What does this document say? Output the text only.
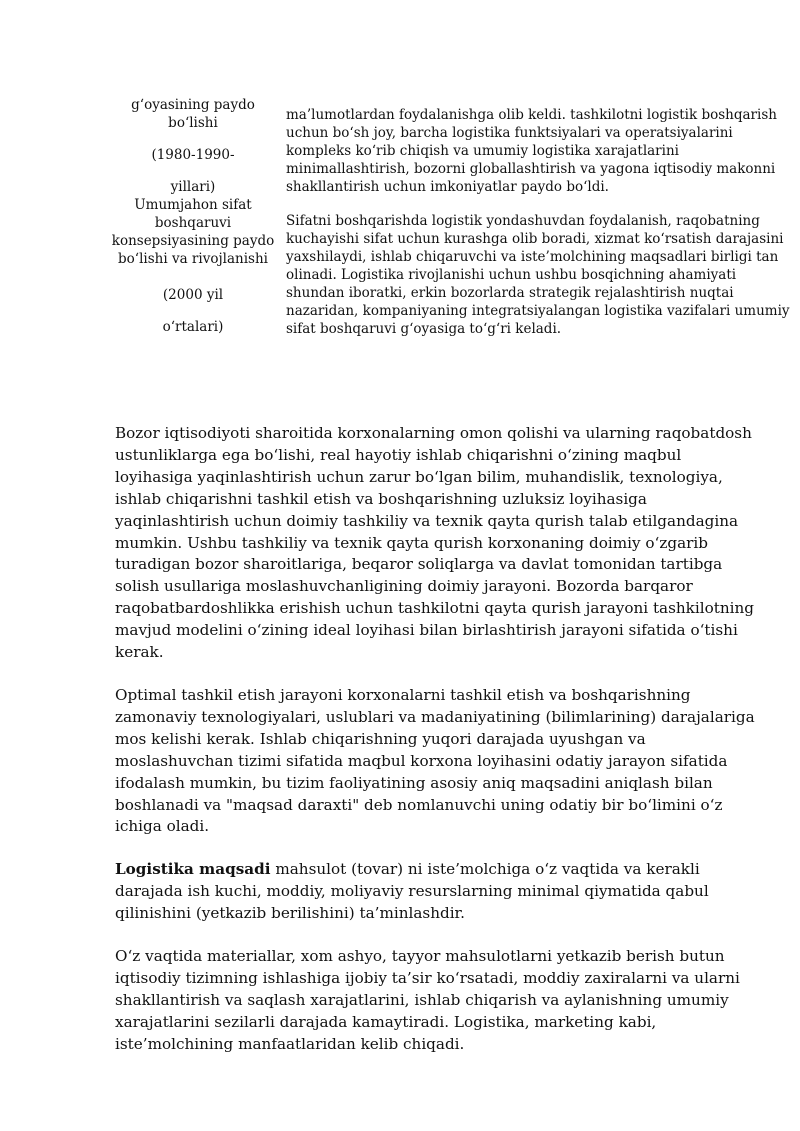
g‘oyasining paydo bo‘lishi
(1980-1990-
yillari)
Umumjahon sifat boshqaruvi konsepsiyasining paydo bo‘lishi va rivojlanishi
(2000 yil
o‘rtalari)

ma’lumotlardan foydalanishga olib keldi. tashkilotni logistik boshqarish uchun bo‘sh joy, barcha logistika funktsiyalari va operatsiyalarini kompleks ko‘rib chiqish va umumiy logistika xarajatlarini minimallashtirish, bozorni globallashtirish va yagona iqtisodiy makonni shakllantirish uchun imkoniyatlar paydo bo‘ldi.

Sifatni boshqarishda logistik yondashuvdan foydalanish, raqobatning kuchayishi sifat uchun kurashga olib boradi, xizmat ko‘rsatish darajasini yaxshilaydi, ishlab chiqaruvchi va iste’molchining maqsadlari birligi tan olinadi. Logistika rivojlanishi uchun ushbu bosqichning ahamiyati shundan iboratki, erkin bozorlarda strategik rejalashtirish nuqtai nazaridan, kompaniyaning integratsiyalangan logistika vazifalari umumiy sifat boshqaruvi g‘oyasiga to‘g‘ri keladi.

Bozor iqtisodiyoti sharoitida korxonalarning omon qolishi va ularning raqobatdosh ustunliklarga ega bo‘lishi, real hayotiy ishlab chiqarishni o‘zining maqbul loyihasiga yaqinlashtirish uchun zarur bo‘lgan bilim, muhandislik, texnologiya, ishlab chiqarishni tashkil etish va boshqarishning uzluksiz loyihasiga yaqinlashtirish uchun doimiy tashkiliy va texnik qayta qurish talab etilgandagina mumkin. Ushbu tashkiliy va texnik qayta qurish korxonaning doimiy o‘zgarib turadigan bozor sharoitlariga, beqaror soliqlarga va davlat tomonidan tartibga solish usullariga moslashuvchanligining doimiy jarayoni. Bozorda barqaror raqobatbardoshlikka erishish uchun tashkilotni qayta qurish jarayoni tashkilotning mavjud modelini o‘zining ideal loyihasi bilan birlashtirish jarayoni sifatida o‘tishi kerak.

Optimal tashkil etish jarayoni korxonalarni tashkil etish va boshqarishning zamonaviy texnologiyalari, uslublari va madaniyatining (bilimlarining) darajalariga mos kelishi kerak. Ishlab chiqarishning yuqori darajada uyushgan va moslashuvchan tizimi sifatida maqbul korxona loyihasini odatiy jarayon sifatida ifodalash mumkin, bu tizim faoliyatining asosiy aniq maqsadini aniqlash bilan boshlanadi va "maqsad daraxti" deb nomlanuvchi uning odatiy bir bo‘limini o‘z ichiga oladi.

Logistika maqsadi mahsulot (tovar) ni iste’molchiga o‘z vaqtida va kerakli darajada ish kuchi, moddiy, moliyaviy resurslarning minimal qiymatida qabul qilinishini (yetkazib berilishini) ta’minlashdir.

O‘z vaqtida materiallar, xom ashyo, tayyor mahsulotlarni yetkazib berish butun iqtisodiy tizimning ishlashiga ijobiy ta’sir ko‘rsatadi, moddiy zaxiralarni va ularni shakllantirish va saqlash xarajatlarini, ishlab chiqarish va aylanishning umumiy xarajatlarini sezilarli darajada kamaytiradi. Logistika, marketing kabi, iste’molchining manfaatlaridan kelib chiqadi.
